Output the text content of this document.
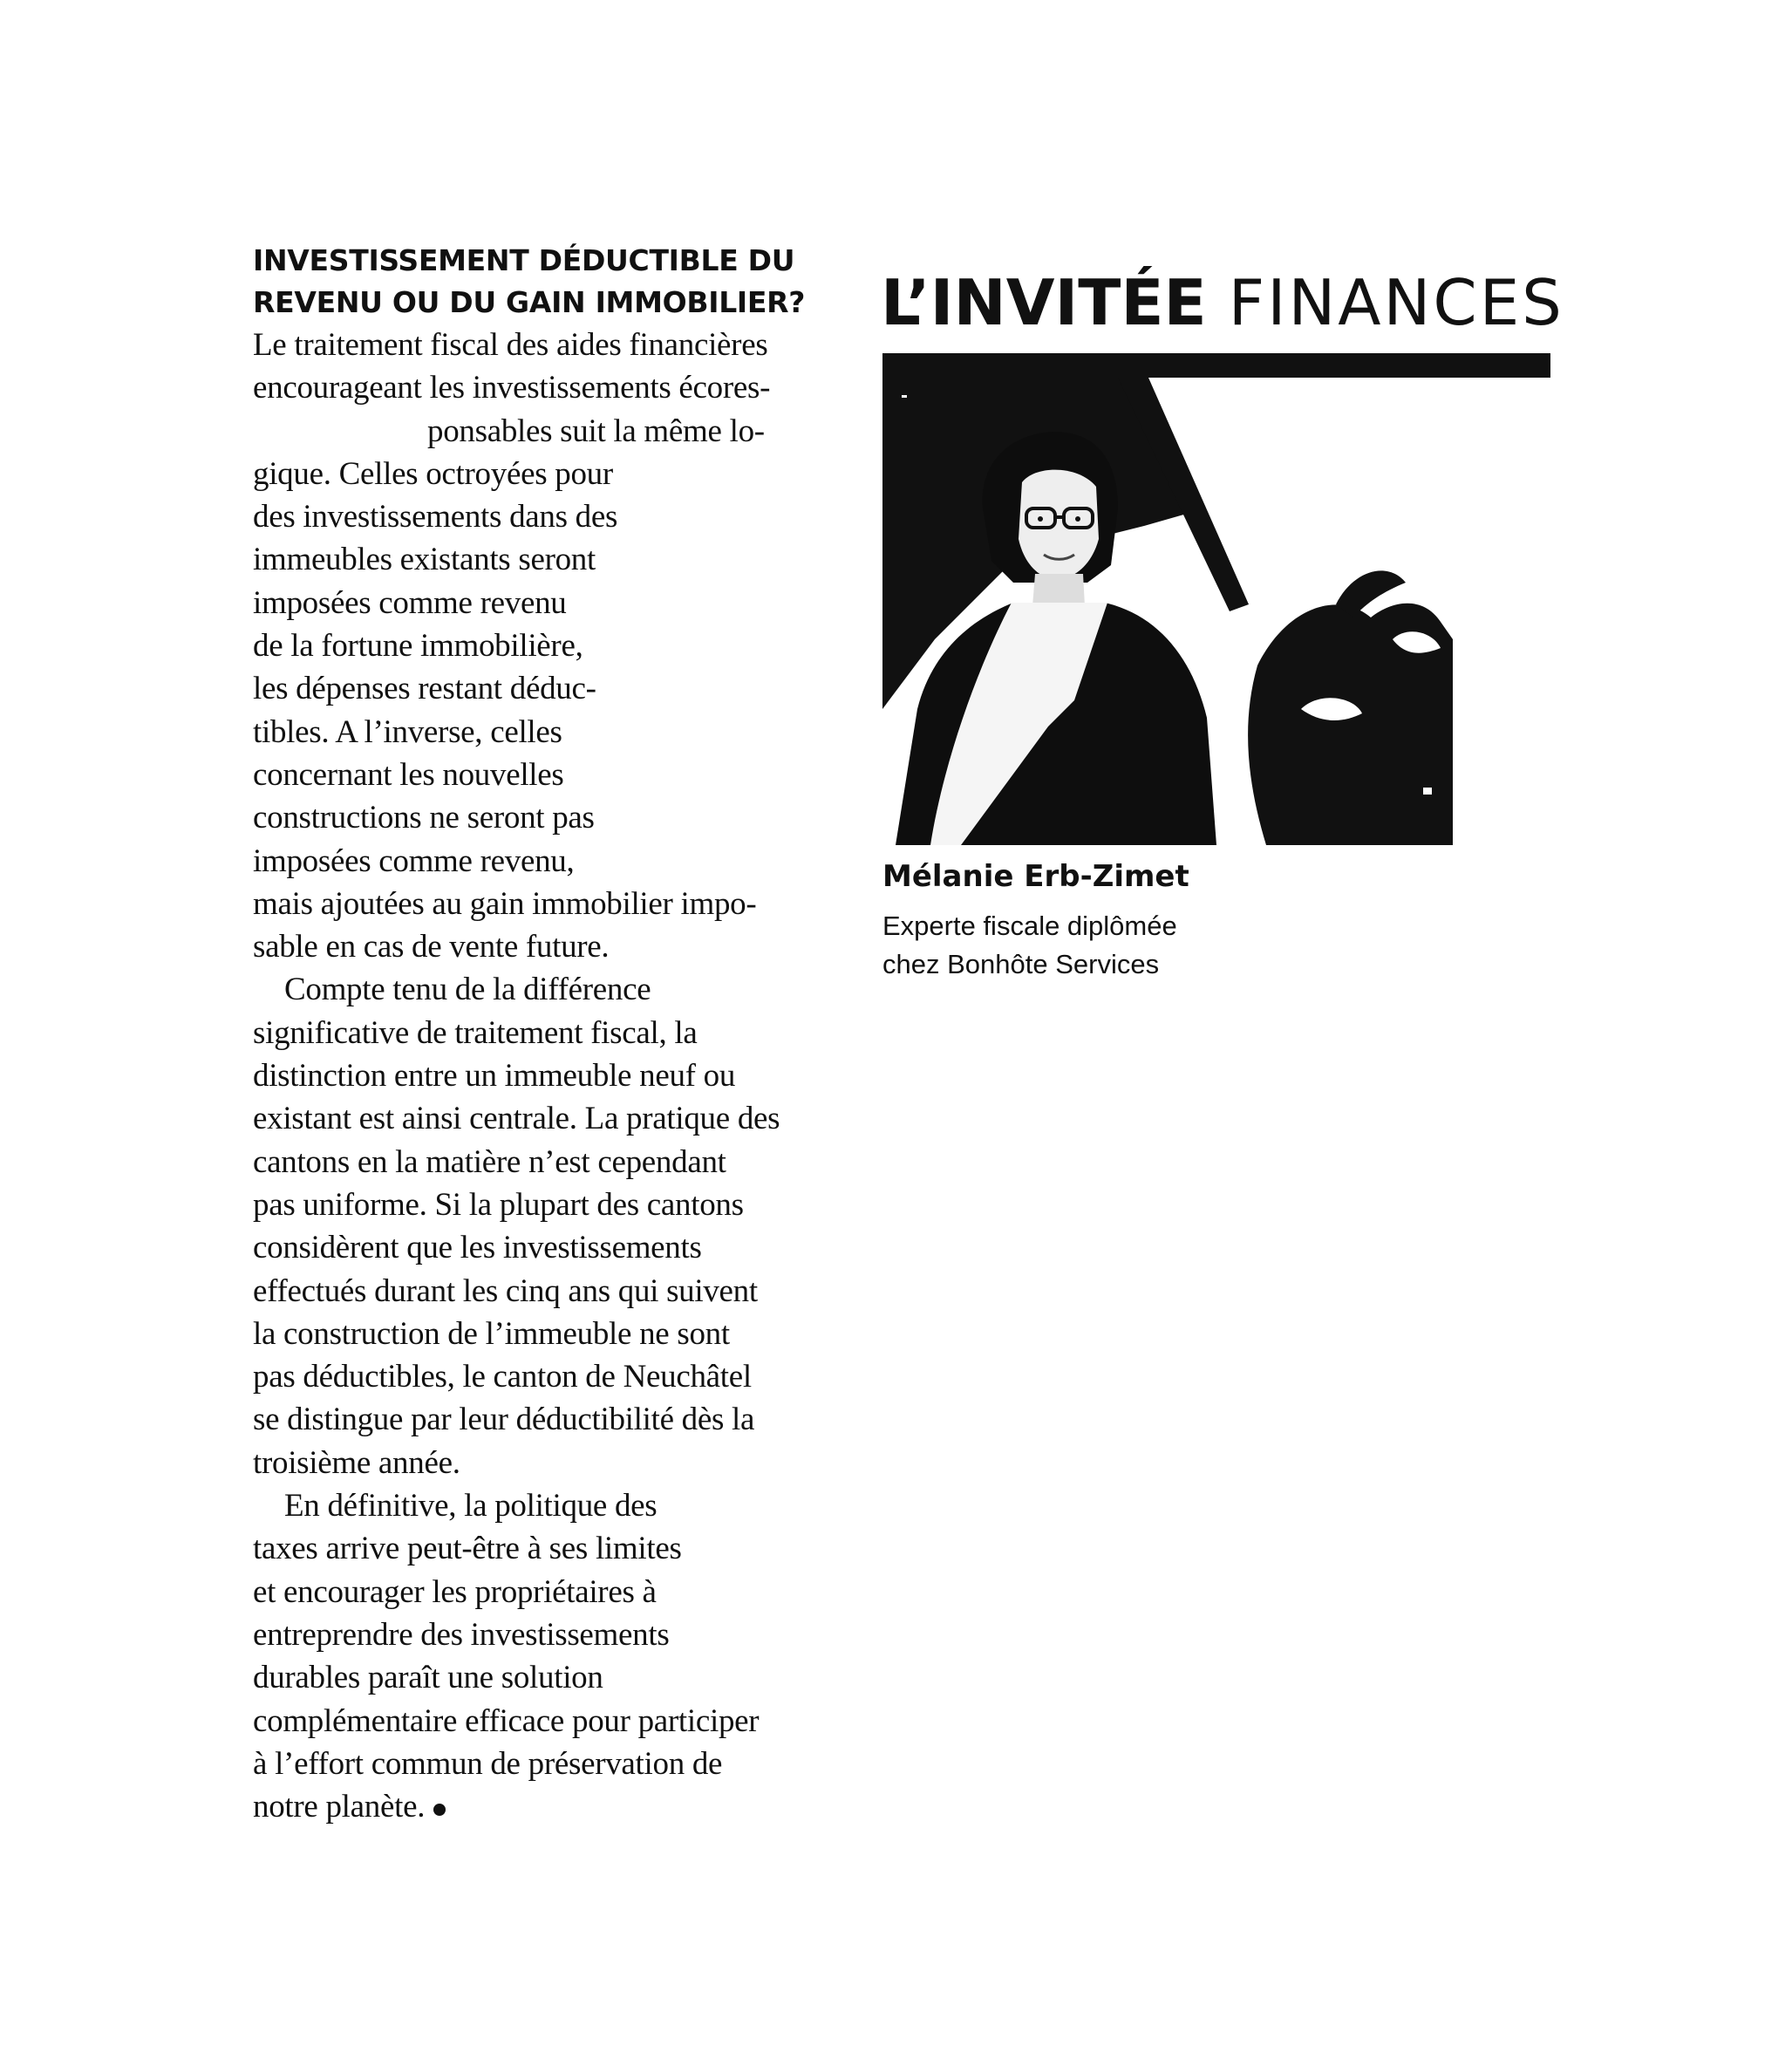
INVESTISSEMENT DÉDUCTIBLE DU
REVENU OU DU GAIN IMMOBILIER?
Le traitement fiscal des aides financières
encourageant les investissements écores-
ponsables suit la même lo-
gique. Celles octroyées pour
des investissements dans des
immeubles existants seront
imposées comme revenu
de la fortune immobilière,
les dépenses restant déduc-
tibles. A l’inverse, celles
concernant les nouvelles
constructions ne seront pas
imposées comme revenu,
mais ajoutées au gain immobilier impo-
sable en cas de vente future.
Compte tenu de la différence
significative de traitement fiscal, la
distinction entre un immeuble neuf ou
existant est ainsi centrale. La pratique des
cantons en la matière n’est cependant
pas uniforme. Si la plupart des cantons
considèrent que les investissements
effectués durant les cinq ans qui suivent
la construction de l’immeuble ne sont
pas déductibles, le canton de Neuchâtel
se distingue par leur déductibilité dès la
troisième année.
En définitive, la politique des
taxes arrive peut-être à ses limites
et encourager les propriétaires à
entreprendre des investissements
durables paraît une solution
complémentaire efficace pour participer
à l’effort commun de préservation de
notre planète.
L’INVITÉE FINANCES
Mélanie Erb-Zimet
Experte fiscale diplômée
chez Bonhôte Services
